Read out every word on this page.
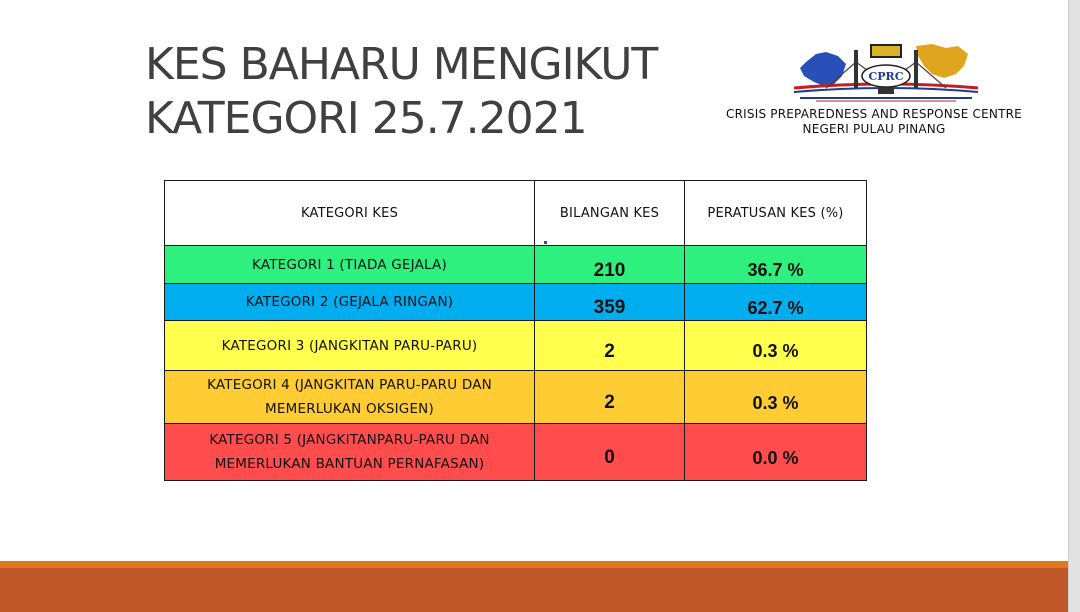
KES BAHARU MENGIKUT
KATEGORI 25.7.2021
CPRC
CRISIS PREPAREDNESS AND RESPONSE CENTRE
NEGERI PULAU PINANG
KATEGORI KES	BILANGAN KES	PERATUSAN KES (%)

KATEGORI 1 (TIADA GEJALA)	210	36.7 %

KATEGORI 2 (GEJALA RINGAN)	359	62.7 %

KATEGORI 3 (JANGKITAN PARU-PARU)	2	0.3 %

KATEGORI 4 (JANGKITAN PARU-PARU DAN
MEMERLUKAN OKSIGEN)	2	0.3 %

KATEGORI 5 (JANGKITANPARU-PARU DAN
MEMERLUKAN BANTUAN PERNAFASAN)	0	0.0 %
